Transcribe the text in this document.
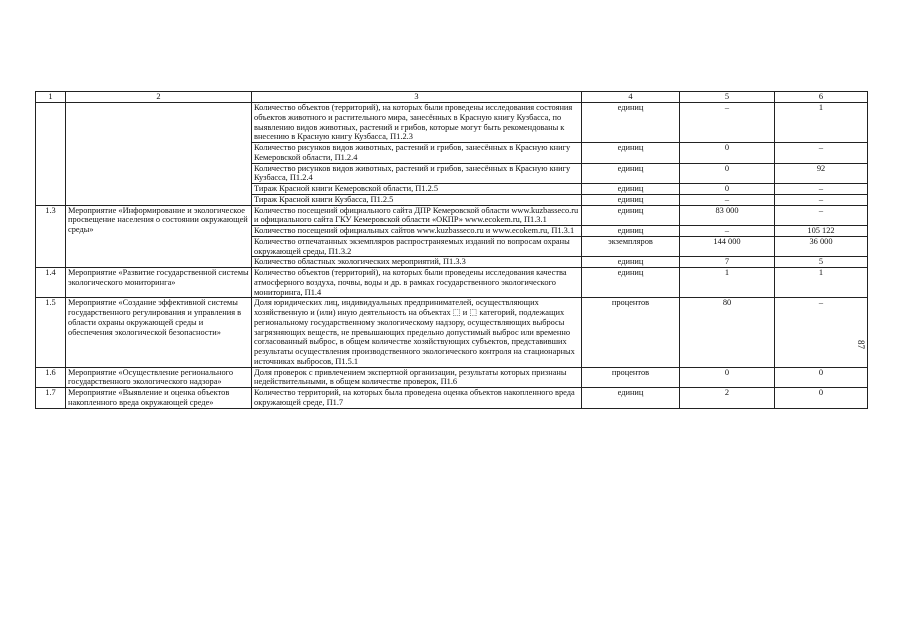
1	2	3	4	5	6
		Количество объектов (территорий), на которых были проведены исследования состояния объектов животного и растительного мира, занесённых в Красную книгу Кузбасса, по выявлению видов животных, растений и грибов, которые могут быть рекомендованы к внесению в Красную книгу Кузбасса, П1.2.3	единиц	–	1
		Количество рисунков видов животных, растений и грибов, занесённых в Красную книгу Кемеровской области, П1.2.4	единиц	0	–
		Количество рисунков видов животных, растений и грибов, занесённых в Красную книгу Кузбасса, П1.2.4	единиц	0	92
		Тираж Красной книги Кемеровской области, П1.2.5	единиц	0	–
		Тираж Красной книги Кузбасса, П1.2.5	единиц	–	–
1.3	Мероприятие «Информирование и экологическое просвещение населения о состоянии окружающей среды»	Количество посещений официального сайта ДПР Кемеровской области www.kuzbasseco.ru и официального сайта ГКУ Кемеровской области «ОКПР» www.ecokem.ru, П1.3.1	единиц	83 000	–
		Количество посещений официальных сайтов www.kuzbasseco.ru и www.ecokem.ru, П1.3.1	единиц	–	105 122
		Количество отпечатанных экземпляров распространяемых изданий по вопросам охраны окружающей среды, П1.3.2	экземпляров	144 000	36 000
		Количество областных экологических мероприятий, П1.3.3	единиц	7	5
1.4	Мероприятие «Развитие государственной системы экологического мониторинга»	Количество объектов (территорий), на которых были проведены исследования качества атмосферного воздуха, почвы, воды и др. в рамках государственного экологического мониторинга, П1.4	единиц	1	1
1.5	Мероприятие «Создание эффективной системы государственного регулирования и управления в области охраны окружающей среды и обеспечения экологической безопасности»	Доля юридических лиц, индивидуальных предпринимателей, осуществляющих хозяйственную и (или) иную деятельность на объектах ⬚ и ⬚ категорий, подлежащих региональному государственному экологическому надзору, осуществляющих выбросы загрязняющих веществ, не превышающих предельно допустимый выброс или временно согласованный выброс, в общем количестве хозяйствующих субъектов, представивших результаты осуществления производственного экологического контроля на стационарных источниках выбросов, П1.5.1	процентов	80	–
1.6	Мероприятие «Осуществление регионального государственного экологического надзора»	Доля проверок с привлечением экспертной организации, результаты которых признаны недействительными, в общем количестве проверок, П1.6	процентов	0	0
1.7	Мероприятие «Выявление и оценка объектов накопленного вреда окружающей среде»	Количество территорий, на которых была проведена оценка объектов накопленного вреда окружающей среде, П1.7	единиц	2	0
87
